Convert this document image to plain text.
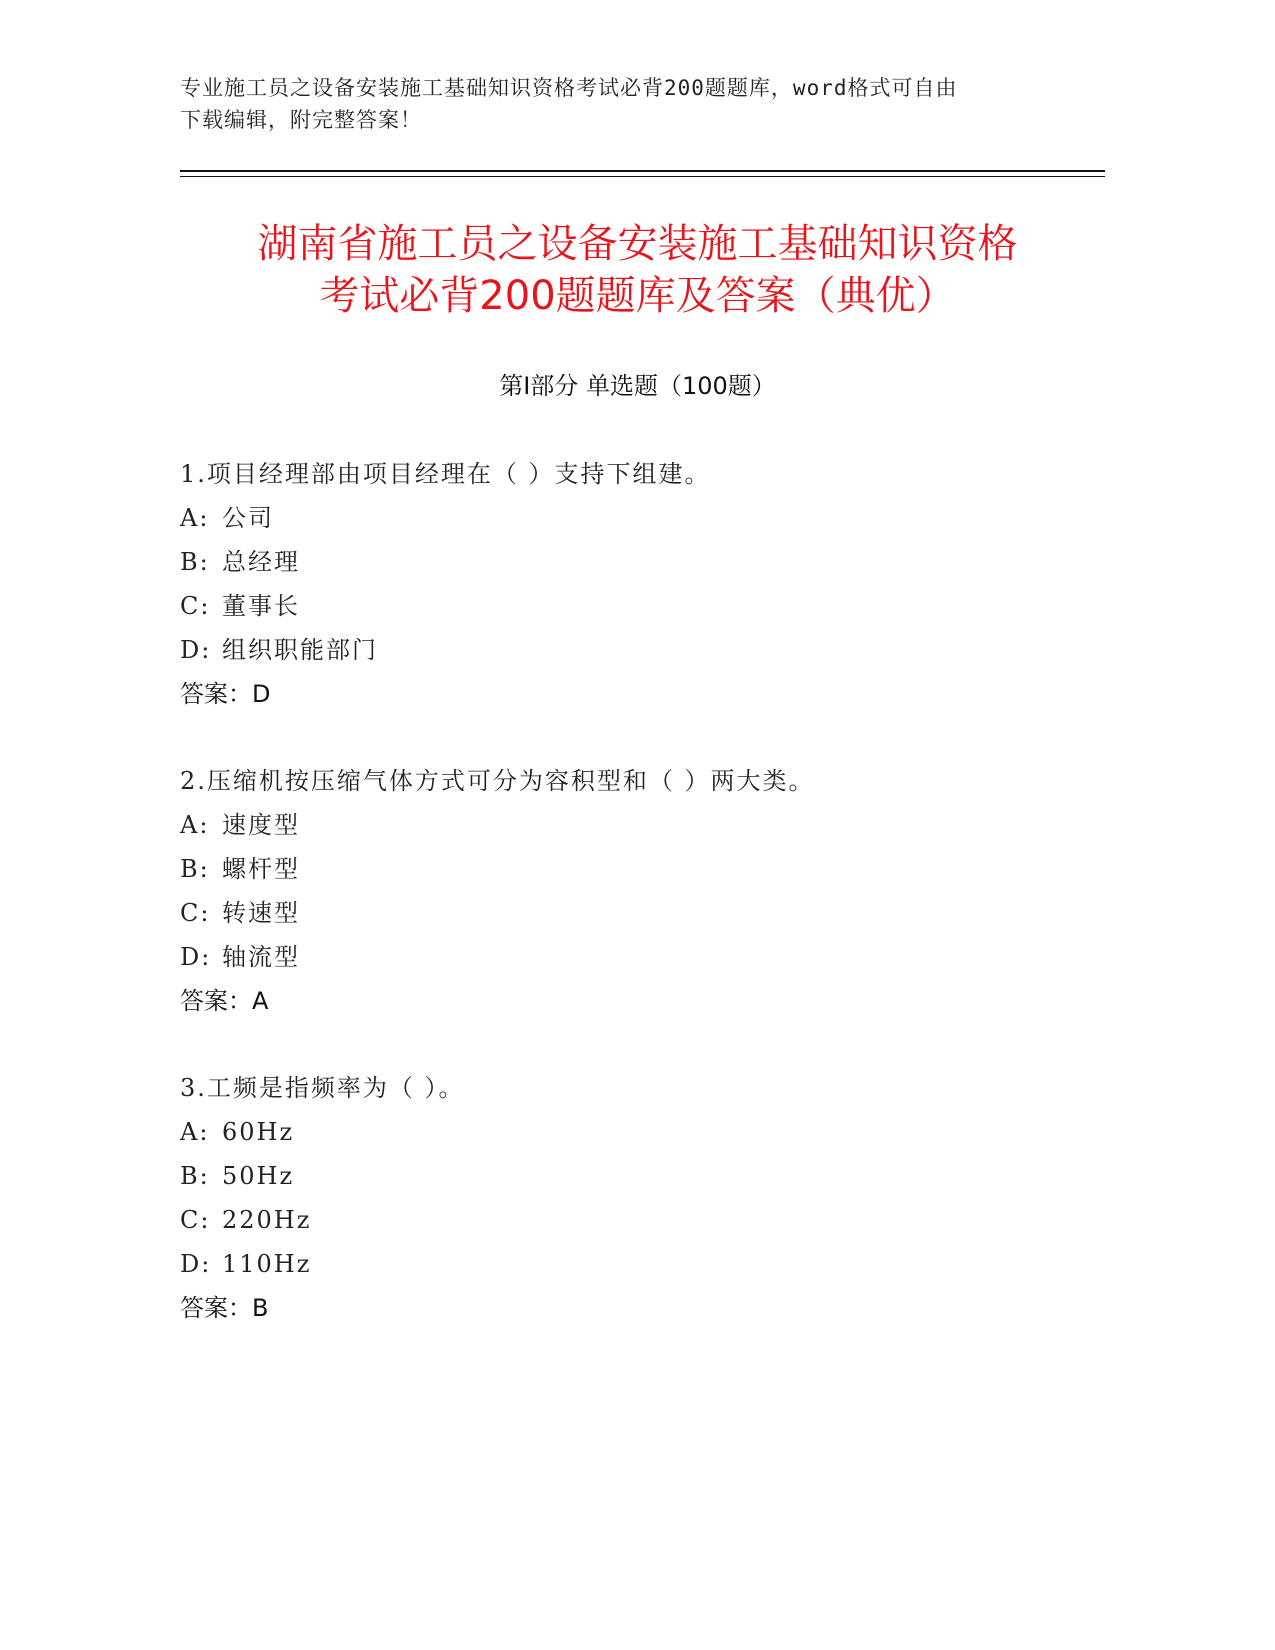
专业施工员之设备安装施工基础知识资格考试必背200题题库，word格式可自由
下载编辑，附完整答案！
湖南省施工员之设备安装施工基础知识资格
考试必背200题题库及答案（典优）
第I部分 单选题（100题）
1.项目经理部由项目经理在（ ）支持下组建。
A: 公司
B: 总经理
C: 董事长
D: 组织职能部门
答案：D
2.压缩机按压缩气体方式可分为容积型和（ ）两大类。
A: 速度型
B: 螺杆型
C: 转速型
D: 轴流型
答案：A
3.工频是指频率为（ ）。
A: 60Hz
B: 50Hz
C: 220Hz
D: 110Hz
答案：B
